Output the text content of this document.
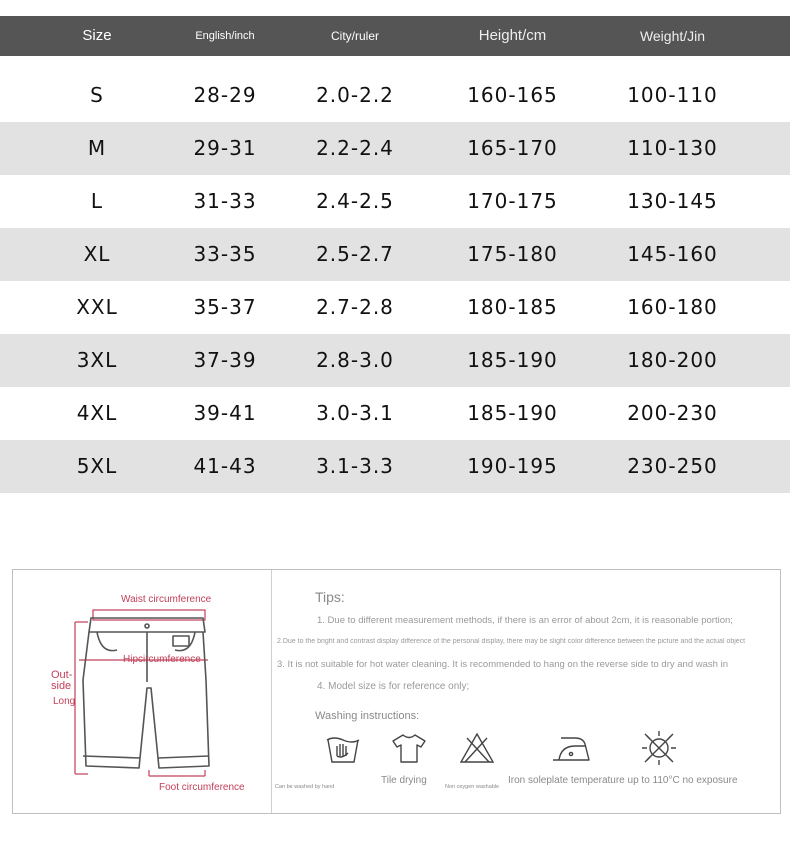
Size	English/inch	City/ruler	Height/cm	Weight/Jin
S	28-29	2.0-2.2	160-165	100-110
M	29-31	2.2-2.4	165-170	110-130
L	31-33	2.4-2.5	170-175	130-145
XL	33-35	2.5-2.7	175-180	145-160
XXL	35-37	2.7-2.8	180-185	160-180
3XL	37-39	2.8-3.0	185-190	180-200
4XL	39-41	3.0-3.1	185-190	200-230
5XL	41-43	3.1-3.3	190-195	230-250
Waist circumference
Hipcircumference
Out-
side
Long
Foot circumference
Tips:
1. Due to different measurement methods, if there is an error of about 2cm, it is reasonable portion;
2.Due to the bright and contrast display difference of the personal display, there may be slight color difference between the picture and the actual object
3. It is not suitable for hot water cleaning. It is recommended to hang on the reverse side to dry and wash in
4. Model size is for reference only;
Washing instructions:
Can be washed by hand
Tile drying
Non oxygen washable
Iron soleplate temperature up to 110°C no exposure
